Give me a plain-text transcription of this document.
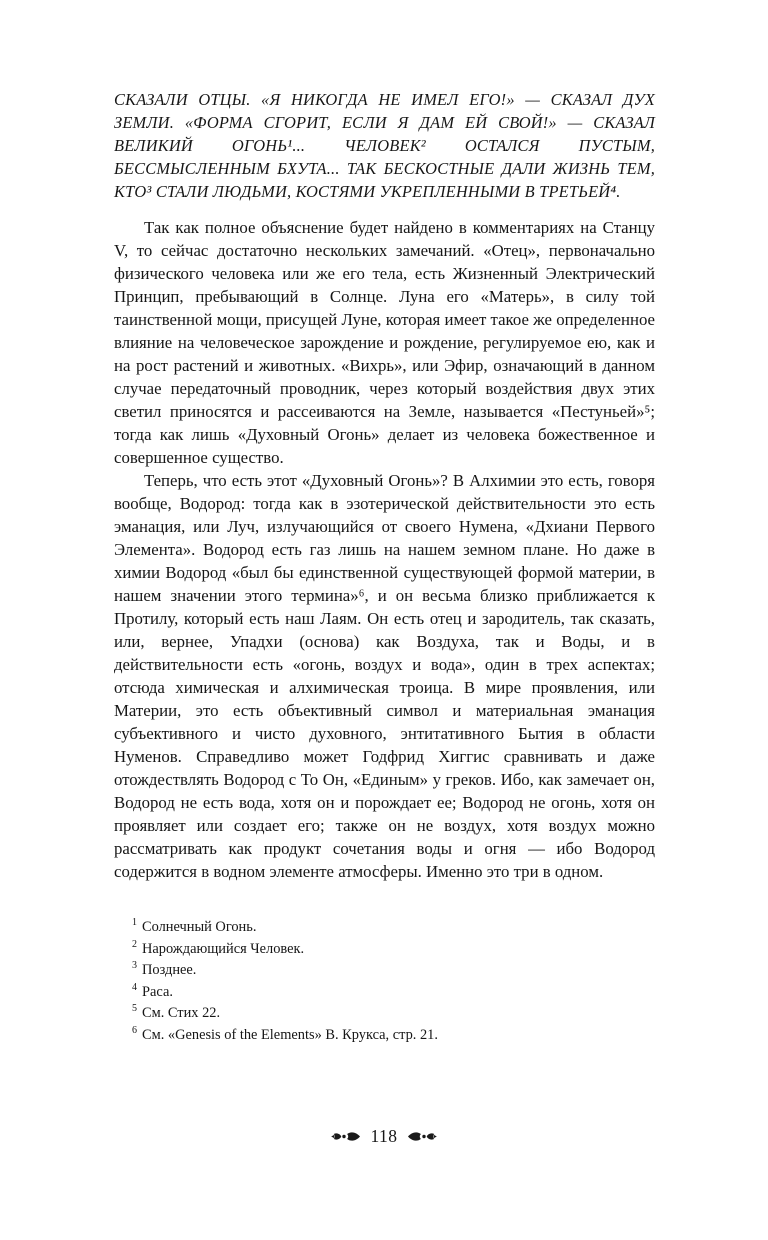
СКАЗАЛИ ОТЦЫ. «Я НИКОГДА НЕ ИМЕЛ ЕГО!» — СКАЗАЛ ДУХ ЗЕМЛИ. «ФОРМА СГОРИТ, ЕСЛИ Я ДАМ ЕЙ СВОЙ!» — СКАЗАЛ ВЕЛИКИЙ ОГОНЬ¹... ЧЕЛОВЕК² ОСТАЛСЯ ПУСТЫМ, БЕССМЫСЛЕННЫМ БХУТА... ТАК БЕСКОСТНЫЕ ДАЛИ ЖИЗНЬ ТЕМ, КТО³ СТАЛИ ЛЮДЬМИ, КОСТЯМИ УКРЕПЛЕННЫМИ В ТРЕТЬЕЙ⁴.

Так как полное объяснение будет найдено в комментариях на Станцу V, то сейчас достаточно нескольких замечаний. «Отец», первоначально физического человека или же его тела, есть Жизненный Электрический Принцип, пребывающий в Солнце. Луна его «Матерь», в силу той таинственной мощи, присущей Луне, которая имеет такое же определенное влияние на человеческое зарождение и рождение, регулируемое ею, как и на рост растений и животных. «Вихрь», или Эфир, означающий в данном случае передаточный проводник, через который воздействия двух этих светил приносятся и рассеиваются на Земле, называется «Пестуньей»⁵; тогда как лишь «Духовный Огонь» делает из человека божественное и совершенное существо.

Теперь, что есть этот «Духовный Огонь»? В Алхимии это есть, говоря вообще, Водород: тогда как в эзотерической действительности это есть эманация, или Луч, излучающийся от своего Нумена, «Дхиани Первого Элемента». Водород есть газ лишь на нашем земном плане. Но даже в химии Водород «был бы единственной существующей формой материи, в нашем значении этого термина»⁶, и он весьма близко приближается к Протилу, который есть наш Лаям. Он есть отец и зародитель, так сказать, или, вернее, Упадхи (основа) как Воздуха, так и Воды, и в действительности есть «огонь, воздух и вода», один в трех аспектах; отсюда химическая и алхимическая троица. В мире проявления, или Материи, это есть объективный символ и материальная эманация субъективного и чисто духовного, энтитативного Бытия в области Нуменов. Справедливо может Годфрид Хиггис сравнивать и даже отождествлять Водород с То Он, «Единым» у греков. Ибо, как замечает он, Водород не есть вода, хотя он и порождает ее; Водород не огонь, хотя он проявляет или создает его; также он не воздух, хотя воздух можно рассматривать как продукт сочетания воды и огня — ибо Водород содержится в водном элементе атмосферы. Именно это три в одном.

$^1$ Солнечный Огонь.

$^2$ Нарождающийся Человек.

$^3$ Позднее.

$^4$ Раса.

$^5$ См. Стих 22.

$^6$ См. «Genesis of the Elements» В. Крукса, стр. 21.

118
